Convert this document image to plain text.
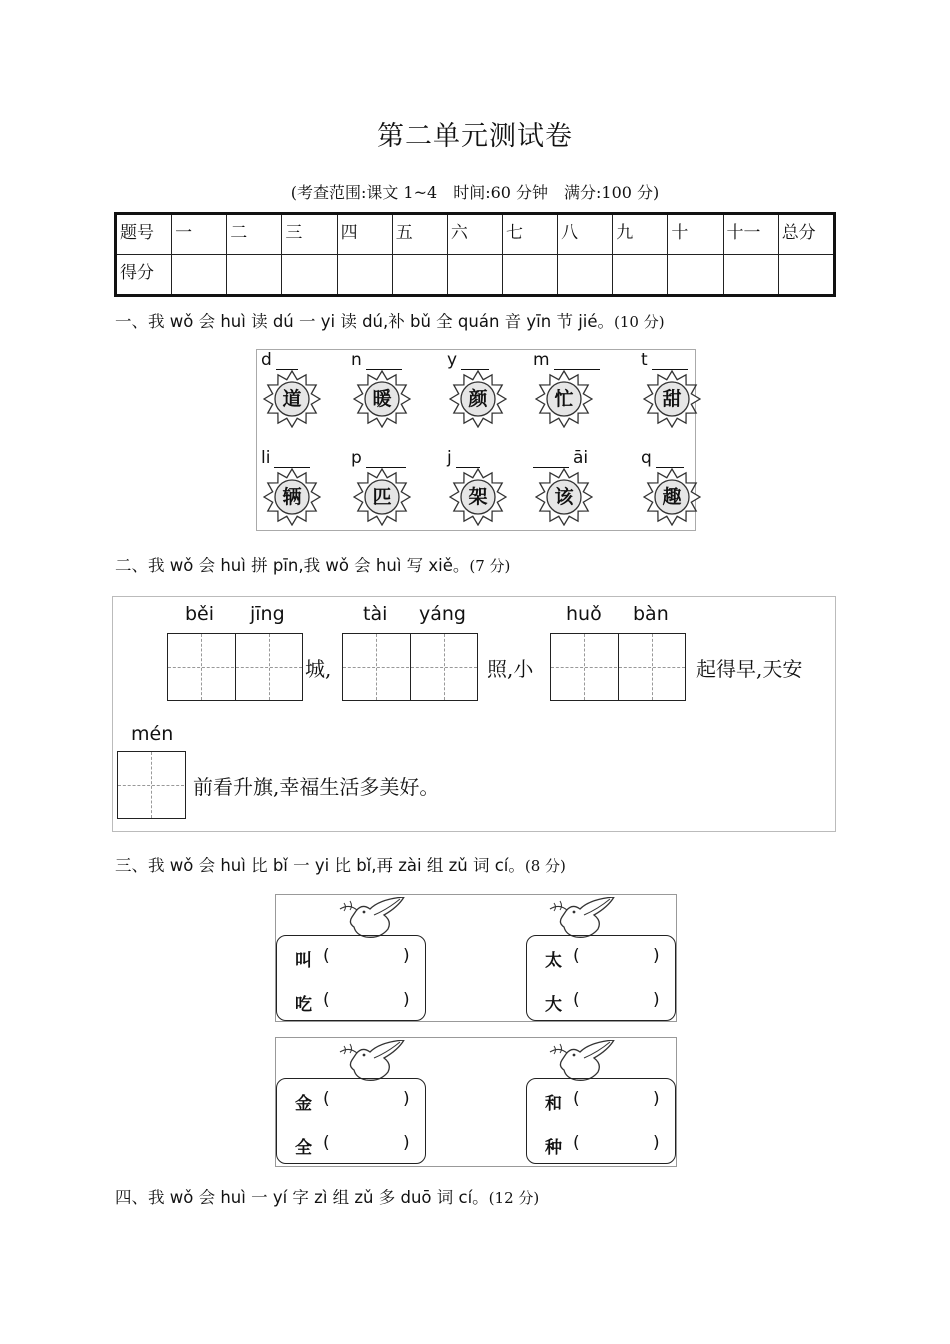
第二单元测试卷
(考查范围:课文 1~4　时间:60 分钟　满分:100 分)
题号	一	二	三	四	五	六	七	八	九	十	十一	总分
得分												
一、我 wǒ 会 huì 读 dú 一 yi 读 dú,补 bǔ 全 quán 音 yīn 节 jié。(10 分)
d
道
n
暖
y
颜
m
忙
t
甜
li
辆
p
匹
j
架
āi
该
q
趣
二、我 wǒ 会 huì 拼 pīn,我 wǒ 会 huì 写 xiě。(7 分)
běi jīng
城,
tài yáng
照,小
huǒ bàn
起得早,天安
mén
前看升旗,幸福生活多美好。
三、我 wǒ 会 huì 比 bǐ 一 yi 比 bǐ,再 zài 组 zǔ 词 cí。(8 分)
叫 (	)
吃 (	)
太 (	)
大 (	)
金 (	)
全 (	)
和 (	)
种 (	)
四、我 wǒ 会 huì 一 yí 字 zì 组 zǔ 多 duō 词 cí。(12 分)
